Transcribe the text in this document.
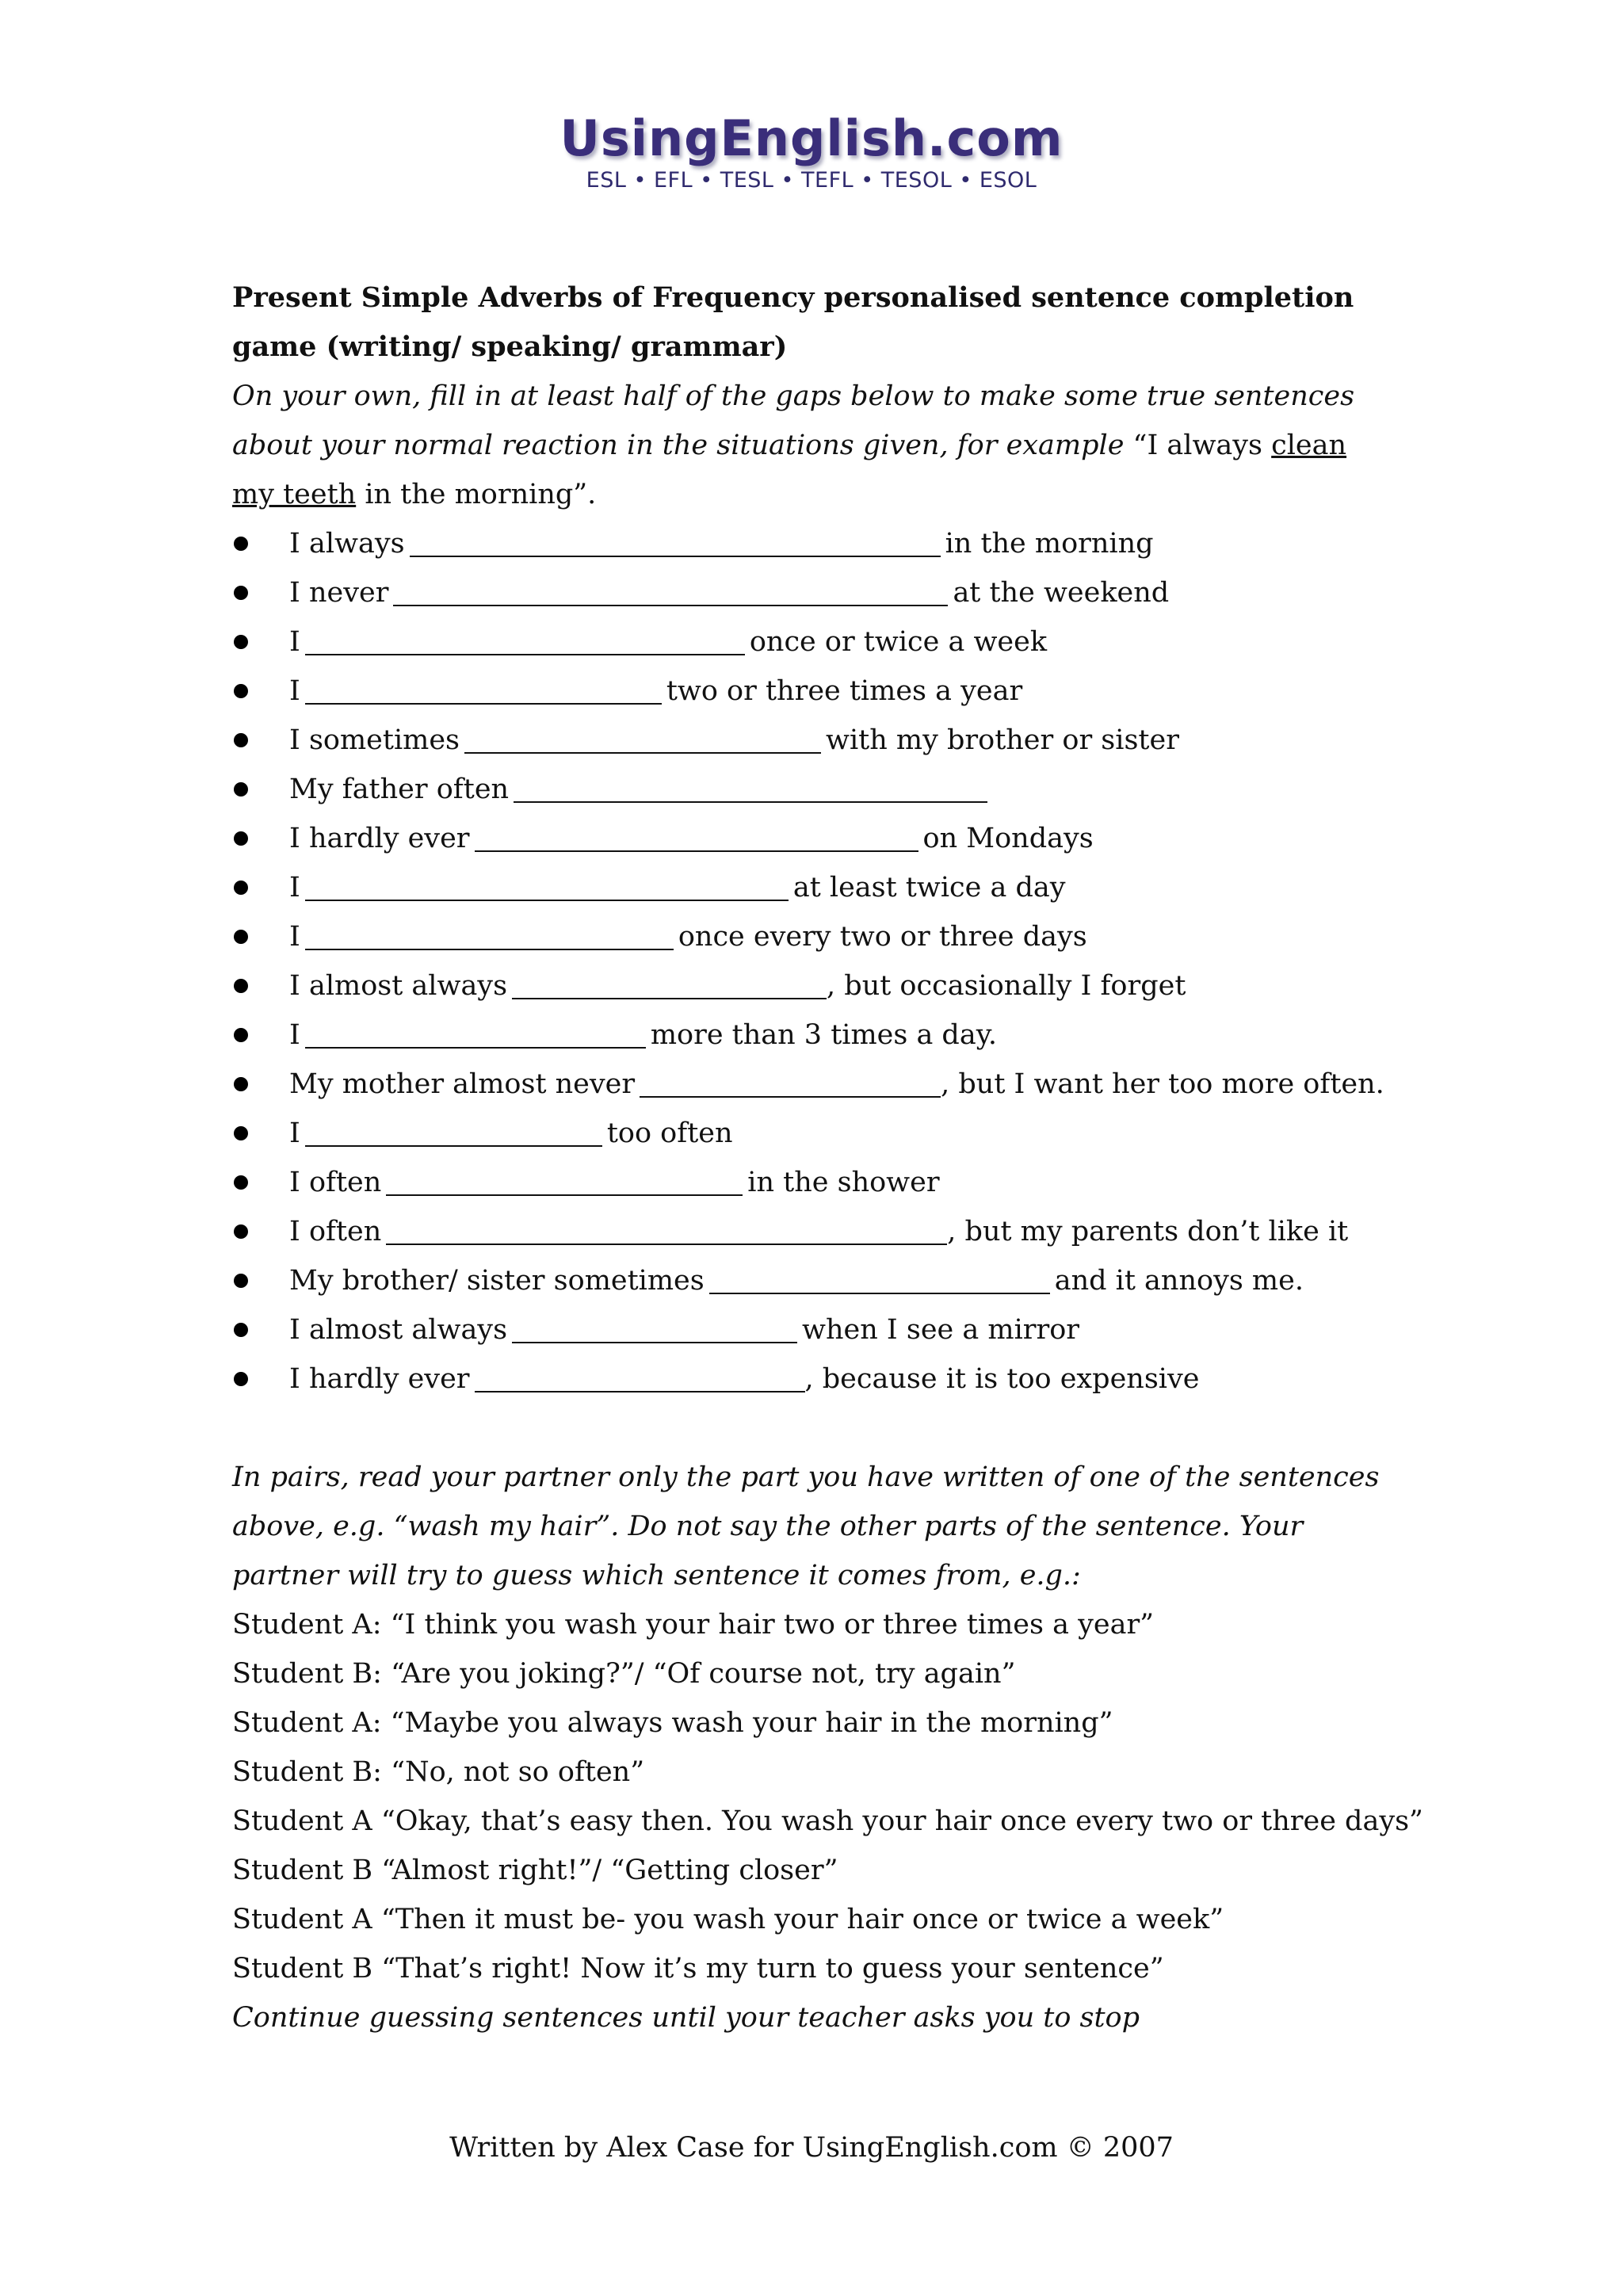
UsingEnglish.com
ESL • EFL • TESL • TEFL • TESOL • ESOL

Present Simple Adverbs of Frequency personalised sentence completion game (writing/ speaking/ grammar)

On your own, fill in at least half of the gaps below to make some true sentences about your normal reaction in the situations given, for example “I always clean my teeth in the morning”.

I always	in the morning
I never	at the weekend
I	once or twice a week
I	two or three times a year
I sometimes	with my brother or sister
My father often
I hardly ever	on Mondays
I	at least twice a day
I	once every two or three days
I almost always	, but occasionally I forget
I	more than 3 times a day.
My mother almost never	, but I want her too more often.
I	too often
I often	in the shower
I often	, but my parents don’t like it
My brother/ sister sometimes	and it annoys me.
I almost always	when I see a mirror
I hardly ever	, because it is too expensive

In pairs, read your partner only the part you have written of one of the sentences above, e.g. “wash my hair”. Do not say the other parts of the sentence. Your partner will try to guess which sentence it comes from, e.g.:

Student A: “I think you wash your hair two or three times a year”

Student B: “Are you joking?”/ “Of course not, try again”

Student A: “Maybe you always wash your hair in the morning”

Student B: “No, not so often”

Student A “Okay, that’s easy then. You wash your hair once every two or three days”

Student B “Almost right!”/ “Getting closer”

Student A “Then it must be- you wash your hair once or twice a week”

Student B “That’s right! Now it’s my turn to guess your sentence”

Continue guessing sentences until your teacher asks you to stop

Written by Alex Case for UsingEnglish.com © 2007
